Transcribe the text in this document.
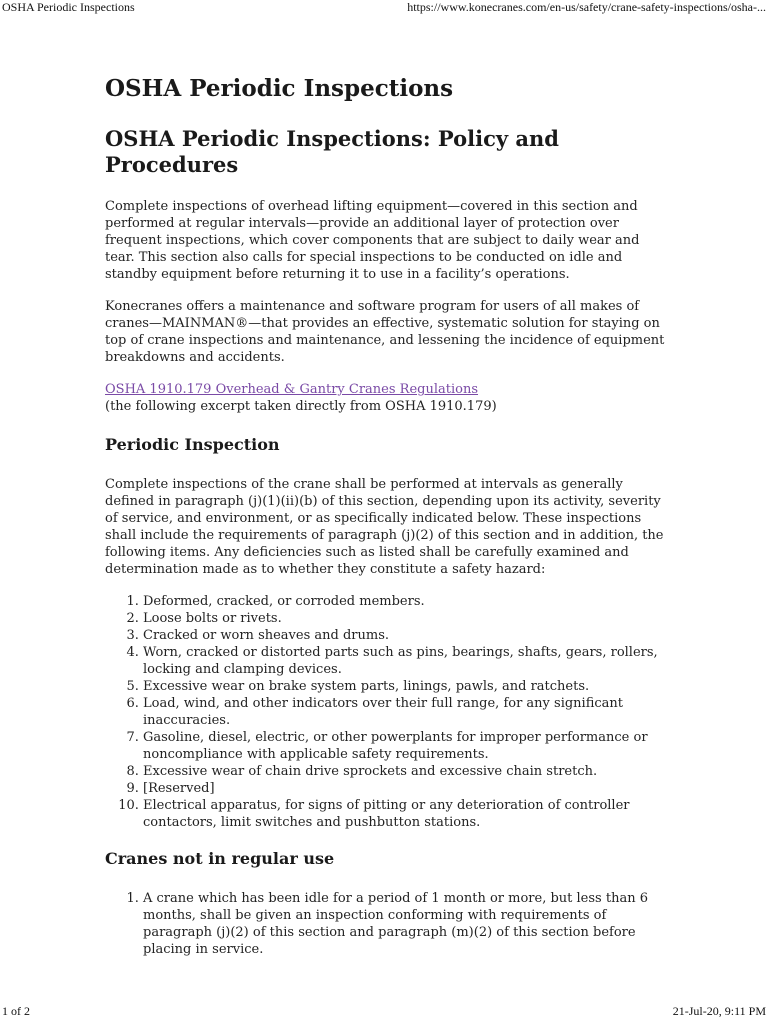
OSHA Periodic Inspections	https://www.konecranes.com/en-us/safety/crane-safety-inspections/osha-...
OSHA Periodic Inspections
OSHA Periodic Inspections: Policy and Procedures

Complete inspections of overhead lifting equipment—covered in this section and performed at regular intervals—provide an additional layer of protection over frequent inspections, which cover components that are subject to daily wear and tear. This section also calls for special inspections to be conducted on idle and standby equipment before returning it to use in a facility’s operations.

Konecranes offers a maintenance and software program for users of all makes of cranes—MAINMAN®—that provides an effective, systematic solution for staying on top of crane inspections and maintenance, and lessening the incidence of equipment breakdowns and accidents.

OSHA 1910.179 Overhead & Gantry Cranes Regulations
(the following excerpt taken directly from OSHA 1910.179)

Periodic Inspection

Complete inspections of the crane shall be performed at intervals as generally defined in paragraph (j)(1)(ii)(b) of this section, depending upon its activity, severity of service, and environment, or as specifically indicated below. These inspections shall include the requirements of paragraph (j)(2) of this section and in addition, the following items. Any deficiencies such as listed shall be carefully examined and determination made as to whether they constitute a safety hazard:

1. Deformed, cracked, or corroded members.
2. Loose bolts or rivets.
3. Cracked or worn sheaves and drums.
4. Worn, cracked or distorted parts such as pins, bearings, shafts, gears, rollers, locking and clamping devices.
5. Excessive wear on brake system parts, linings, pawls, and ratchets.
6. Load, wind, and other indicators over their full range, for any significant inaccuracies.
7. Gasoline, diesel, electric, or other powerplants for improper performance or noncompliance with applicable safety requirements.
8. Excessive wear of chain drive sprockets and excessive chain stretch.
9. [Reserved]
10. Electrical apparatus, for signs of pitting or any deterioration of controller contactors, limit switches and pushbutton stations.
Cranes not in regular use
1. A crane which has been idle for a period of 1 month or more, but less than 6 months, shall be given an inspection conforming with requirements of paragraph (j)(2) of this section and paragraph (m)(2) of this section before placing in service.
1 of 2	21-Jul-20, 9:11 PM
